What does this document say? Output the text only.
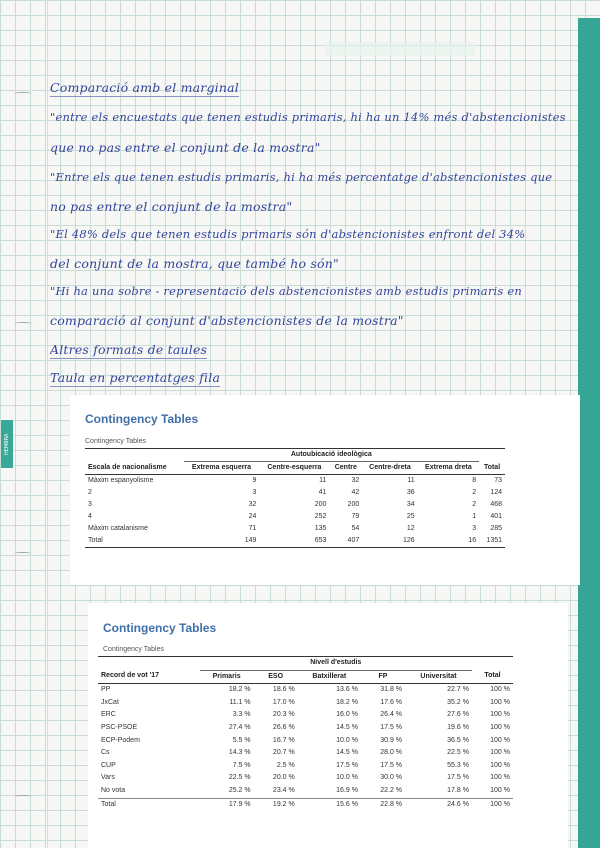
HEMBRA
Comparació amb el marginal
"entre els encuestats que tenen estudis primaris, hi ha un 14% més d'abstencionistes
que no pas entre el conjunt de la mostra"
"Entre els que tenen estudis primaris, hi ha més percentatge d'abstencionistes que
no pas entre el conjunt de la mostra"
"El 48% dels que tenen estudis primaris són d'abstencionistes enfront del 34%
del conjunt de la mostra, que també ho són"
"Hi ha una sobre - representació dels abstencionistes amb estudis primaris en
comparació al conjunt d'abstencionistes de la mostra"
Altres formats de taules
Taula en percentatges fila
Contingency Tables
Contingency Tables
	Autoubicació ideològica					
Escala de nacionalisme	Extrema esquerra	Centre-esquerra	Centre	Centre-dreta	Extrema dreta	Total
Màxim espanyolisme	9	11	32	11	8	73
2	3	41	42	36	2	124
3	32	200	200	34	2	468
4	24	252	79	25	1	401
Màxim catalanisme	71	135	54	12	3	285
Total	149	653	407	126	16	1351
Contingency Tables
Contingency Tables
	Nivell d'estudis					
Record de vot '17	Primaris	ESO	Batxillerat	FP	Universitat	Total
PP	18.2 %	18.6 %	13.6 %	31.8 %	22.7 %	100 %
JxCat	11.1 %	17.0 %	18.2 %	17.6 %	35.2 %	100 %
ERC	3.3 %	20.3 %	16.0 %	26.4 %	27.6 %	100 %
PSC-PSOE	27.4 %	26.6 %	14.5 %	17.5 %	19.6 %	100 %
ECP-Podem	5.5 %	16.7 %	10.0 %	30.9 %	36.5 %	100 %
Cs	14.3 %	20.7 %	14.5 %	28.0 %	22.5 %	100 %
CUP	7.5 %	2.5 %	17.5 %	17.5 %	55.3 %	100 %
Vars	22.5 %	20.0 %	10.0 %	30.0 %	17.5 %	100 %
No vota	25.2 %	23.4 %	16.9 %	22.2 %	17.8 %	100 %
Total	17.9 %	19.2 %	15.6 %	22.8 %	24.6 %	100 %
